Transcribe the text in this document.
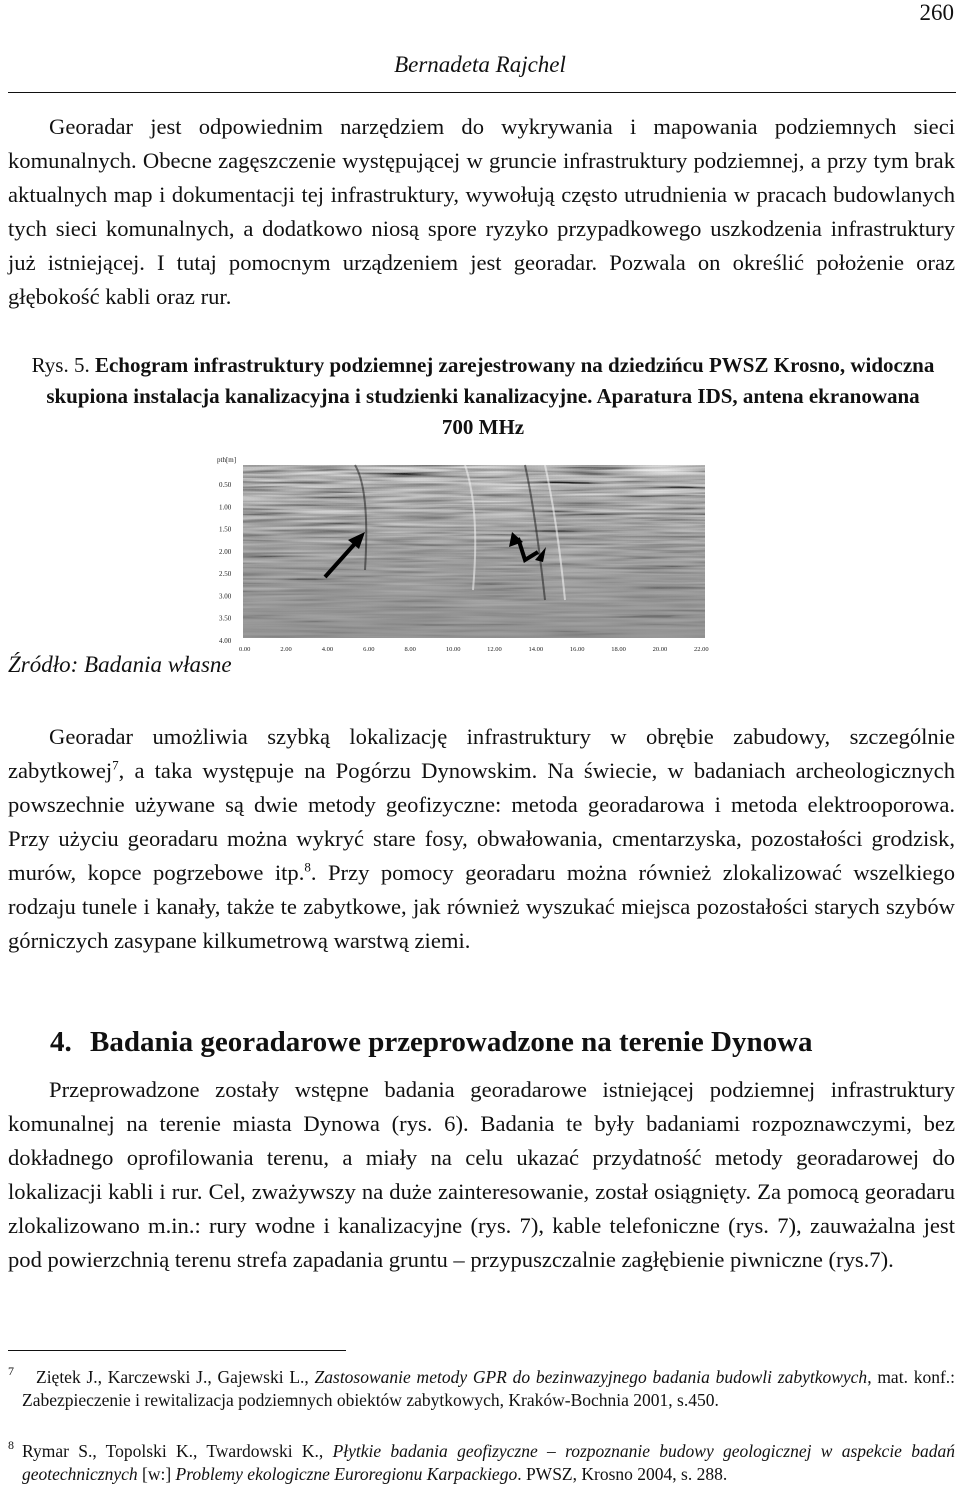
260
Bernadeta Rajchel

Georadar jest odpowiednim narzędziem do wykrywania i mapowania podziemnych sieci komunalnych. Obecne zagęszczenie występującej w gruncie infrastruktury podziemnej, a przy tym brak aktualnych map i dokumentacji tej infrastruktury, wywołują często utrudnienia w pracach budowlanych tych sieci komunalnych, a dodatkowo niosą spore ryzyko przypadkowego uszkodzenia infrastruktury już istniejącej. I tutaj pomocnym urządzeniem jest georadar. Pozwala on określić położenie oraz głębokość kabli oraz rur.

Rys. 5. Echogram infrastruktury podziemnej zarejestrowany na dziedzińcu PWSZ Krosno, widoczna skupiona instalacja kanalizacyjna i studzienki kanalizacyjne. Aparatura IDS, antena ekranowana 700 MHz
pth[m]
0.50
1.00
1.50
2.00
2.50
3.00
3.50
4.00
0.00	2.00	4.00	6.00	8.00	10.00	12.00	14.00	16.00	18.00	20.00	22.00
Źródło: Badania własne

Georadar umożliwia szybką lokalizację infrastruktury w obrębie zabudowy, szczególnie zabytkowej$^7$, a taka występuje na Pogórzu Dynowskim. Na świecie, w badaniach archeologicznych powszechnie używane są dwie metody geofizyczne: metoda georadarowa i metoda elektrooporowa. Przy użyciu georadaru można wykryć stare fosy, obwałowania, cmentarzyska, pozostałości grodzisk, murów, kopce pogrzebowe itp.$^8$. Przy pomocy georadaru można również zlokalizować wszelkiego rodzaju tunele i kanały, także te zabytkowe, jak również wyszukać miejsca pozostałości starych szybów górniczych zasypane kilkumetrową warstwą ziemi.

4. Badania georadarowe przeprowadzone na terenie Dynowa

Przeprowadzone zostały wstępne badania georadarowe istniejącej podziemnej infrastruktury komunalnej na terenie miasta Dynowa (rys. 6). Badania te były badaniami rozpoznawczymi, bez dokładnego oprofilowania terenu, a miały na celu ukazać przydatność metody georadarowej do lokalizacji kabli i rur. Cel, zważywszy na duże zainteresowanie, został osiągnięty. Za pomocą georadaru zlokalizowano m.in.: rury wodne i kanalizacyjne (rys. 7), kable telefoniczne (rys. 7), zauważalna jest pod powierzchnią terenu strefa zapadania gruntu – przypuszczalnie zagłębienie piwniczne (rys.7).

7	Ziętek J., Karczewski J., Gajewski L., Zastosowanie metody GPR do bezinwazyjnego badania budowli zabytkowych, mat. konf.: Zabezpieczenie i rewitalizacja podziemnych obiektów zabytkowych, Kraków-Bochnia 2001, s.450.
8 Rymar S., Topolski K., Twardowski K., Płytkie badania geofizyczne – rozpoznanie budowy geologicznej w aspekcie badań geotechnicznych [w:] Problemy ekologiczne Euroregionu Karpackiego. PWSZ, Krosno 2004, s. 288.
